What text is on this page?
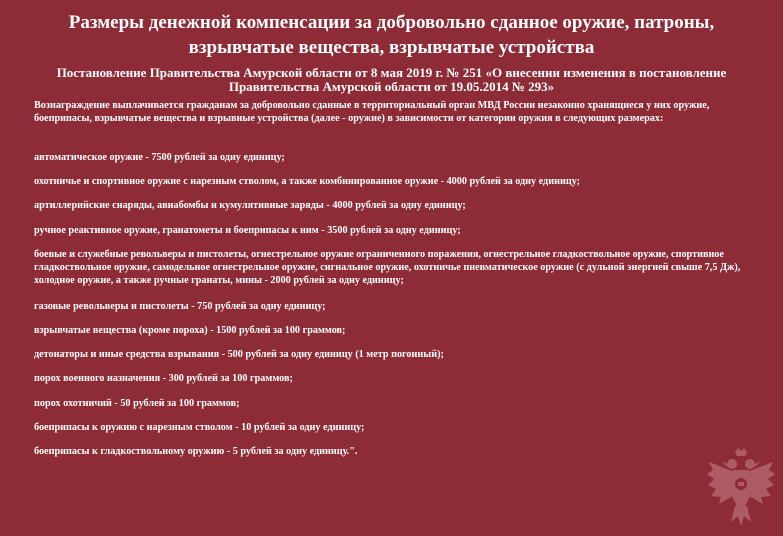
Размеры денежной компенсации за добровольно сданное оружие, патроны, взрывчатые вещества, взрывчатые устройства
Постановление Правительства Амурской области от 8 мая 2019 г. № 251 «О внесении изменения в постановление Правительства Амурской области от 19.05.2014 № 293»

Вознаграждение выплачивается гражданам за добровольно сданные в территориальный орган МВД России незаконно хранящиеся у них оружие, боеприпасы, взрывчатые вещества и взрывные устройства (далее - оружие) в зависимости от категории оружия в следующих размерах:

автоматическое оружие - 7500 рублей за одну единицу;

охотничье и спортивное оружие с нарезным стволом, а также комбинированное оружие - 4000 рублей за одну единицу;

артиллерийские снаряды, авиабомбы и кумулятивные заряды - 4000 рублей за одну единицу;

ручное реактивное оружие, гранатометы и боеприпасы к ним - 3500 рублей за одну единицу;

боевые и служебные револьверы и пистолеты, огнестрельное оружие ограниченного поражения, огнестрельное гладкоствольное оружие, спортивное гладкоствольное оружие, самодельное огнестрельное оружие, сигнальное оружие, охотничье пневматическое оружие (с дульной энергией свыше 7,5 Дж), холодное оружие, а также ручные гранаты, мины - 2000 рублей за одну единицу;

газовые револьверы и пистолеты - 750 рублей за одну единицу;

взрывчатые вещества (кроме пороха) - 1500 рублей за 100 граммов;

детонаторы и иные средства взрывания - 500 рублей за одну единицу (1 метр погонный);

порох военного назначения - 300 рублей за 100 граммов;

порох охотничий - 50 рублей за 100 граммов;

боеприпасы к оружию с нарезным стволом - 10 рублей за одну единицу;

боеприпасы к гладкоствольному оружию - 5 рублей за одну единицу.".
